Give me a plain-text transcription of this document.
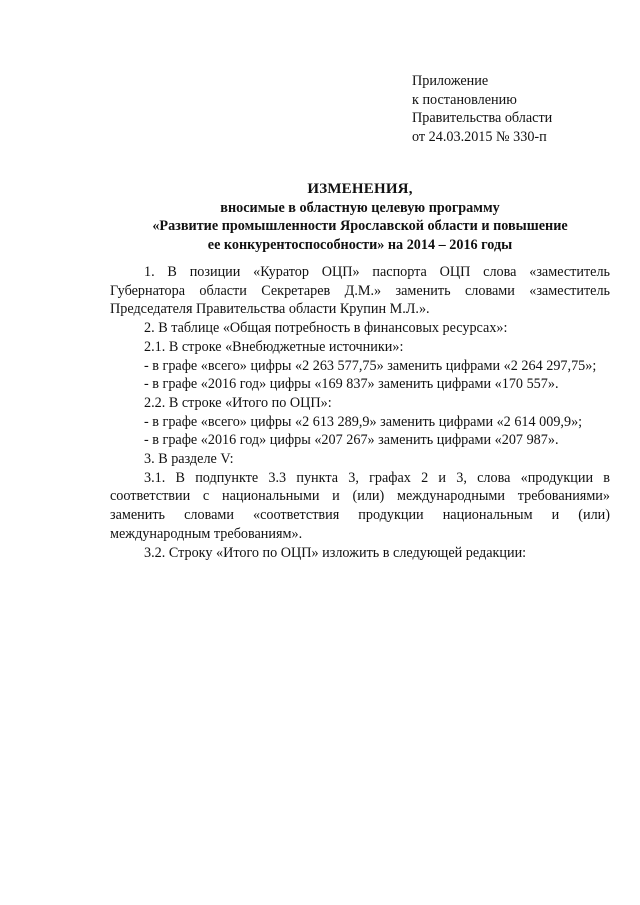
Приложение
к постановлению
Правительства области
от 24.03.2015 № 330-п
ИЗМЕНЕНИЯ,
вносимые в областную целевую программу
«Развитие промышленности Ярославской области и повышение
ее конкурентоспособности» на 2014 – 2016 годы

1. В позиции «Куратор ОЦП» паспорта ОЦП слова «заместитель Губернатора области Секретарев Д.М.» заменить словами «заместитель Председателя Правительства области Крупин М.Л.».

2. В таблице «Общая потребность в финансовых ресурсах»:

2.1. В строке «Внебюджетные источники»:

- в графе «всего» цифры «2 263 577,75» заменить цифрами «2 264 297,75»;

- в графе «2016 год» цифры «169 837» заменить цифрами «170 557».

2.2. В строке «Итого по ОЦП»:

- в графе «всего» цифры «2 613 289,9» заменить цифрами «2 614 009,9»;

- в графе «2016 год» цифры «207 267» заменить цифрами «207 987».

3. В разделе V:

3.1. В подпункте 3.3 пункта 3, графах 2 и 3, слова «продукции в соответствии с национальными и (или) международными требованиями» заменить словами «соответствия продукции национальным и (или) международным требованиям».

3.2. Строку «Итого по ОЦП» изложить в следующей редакции:
